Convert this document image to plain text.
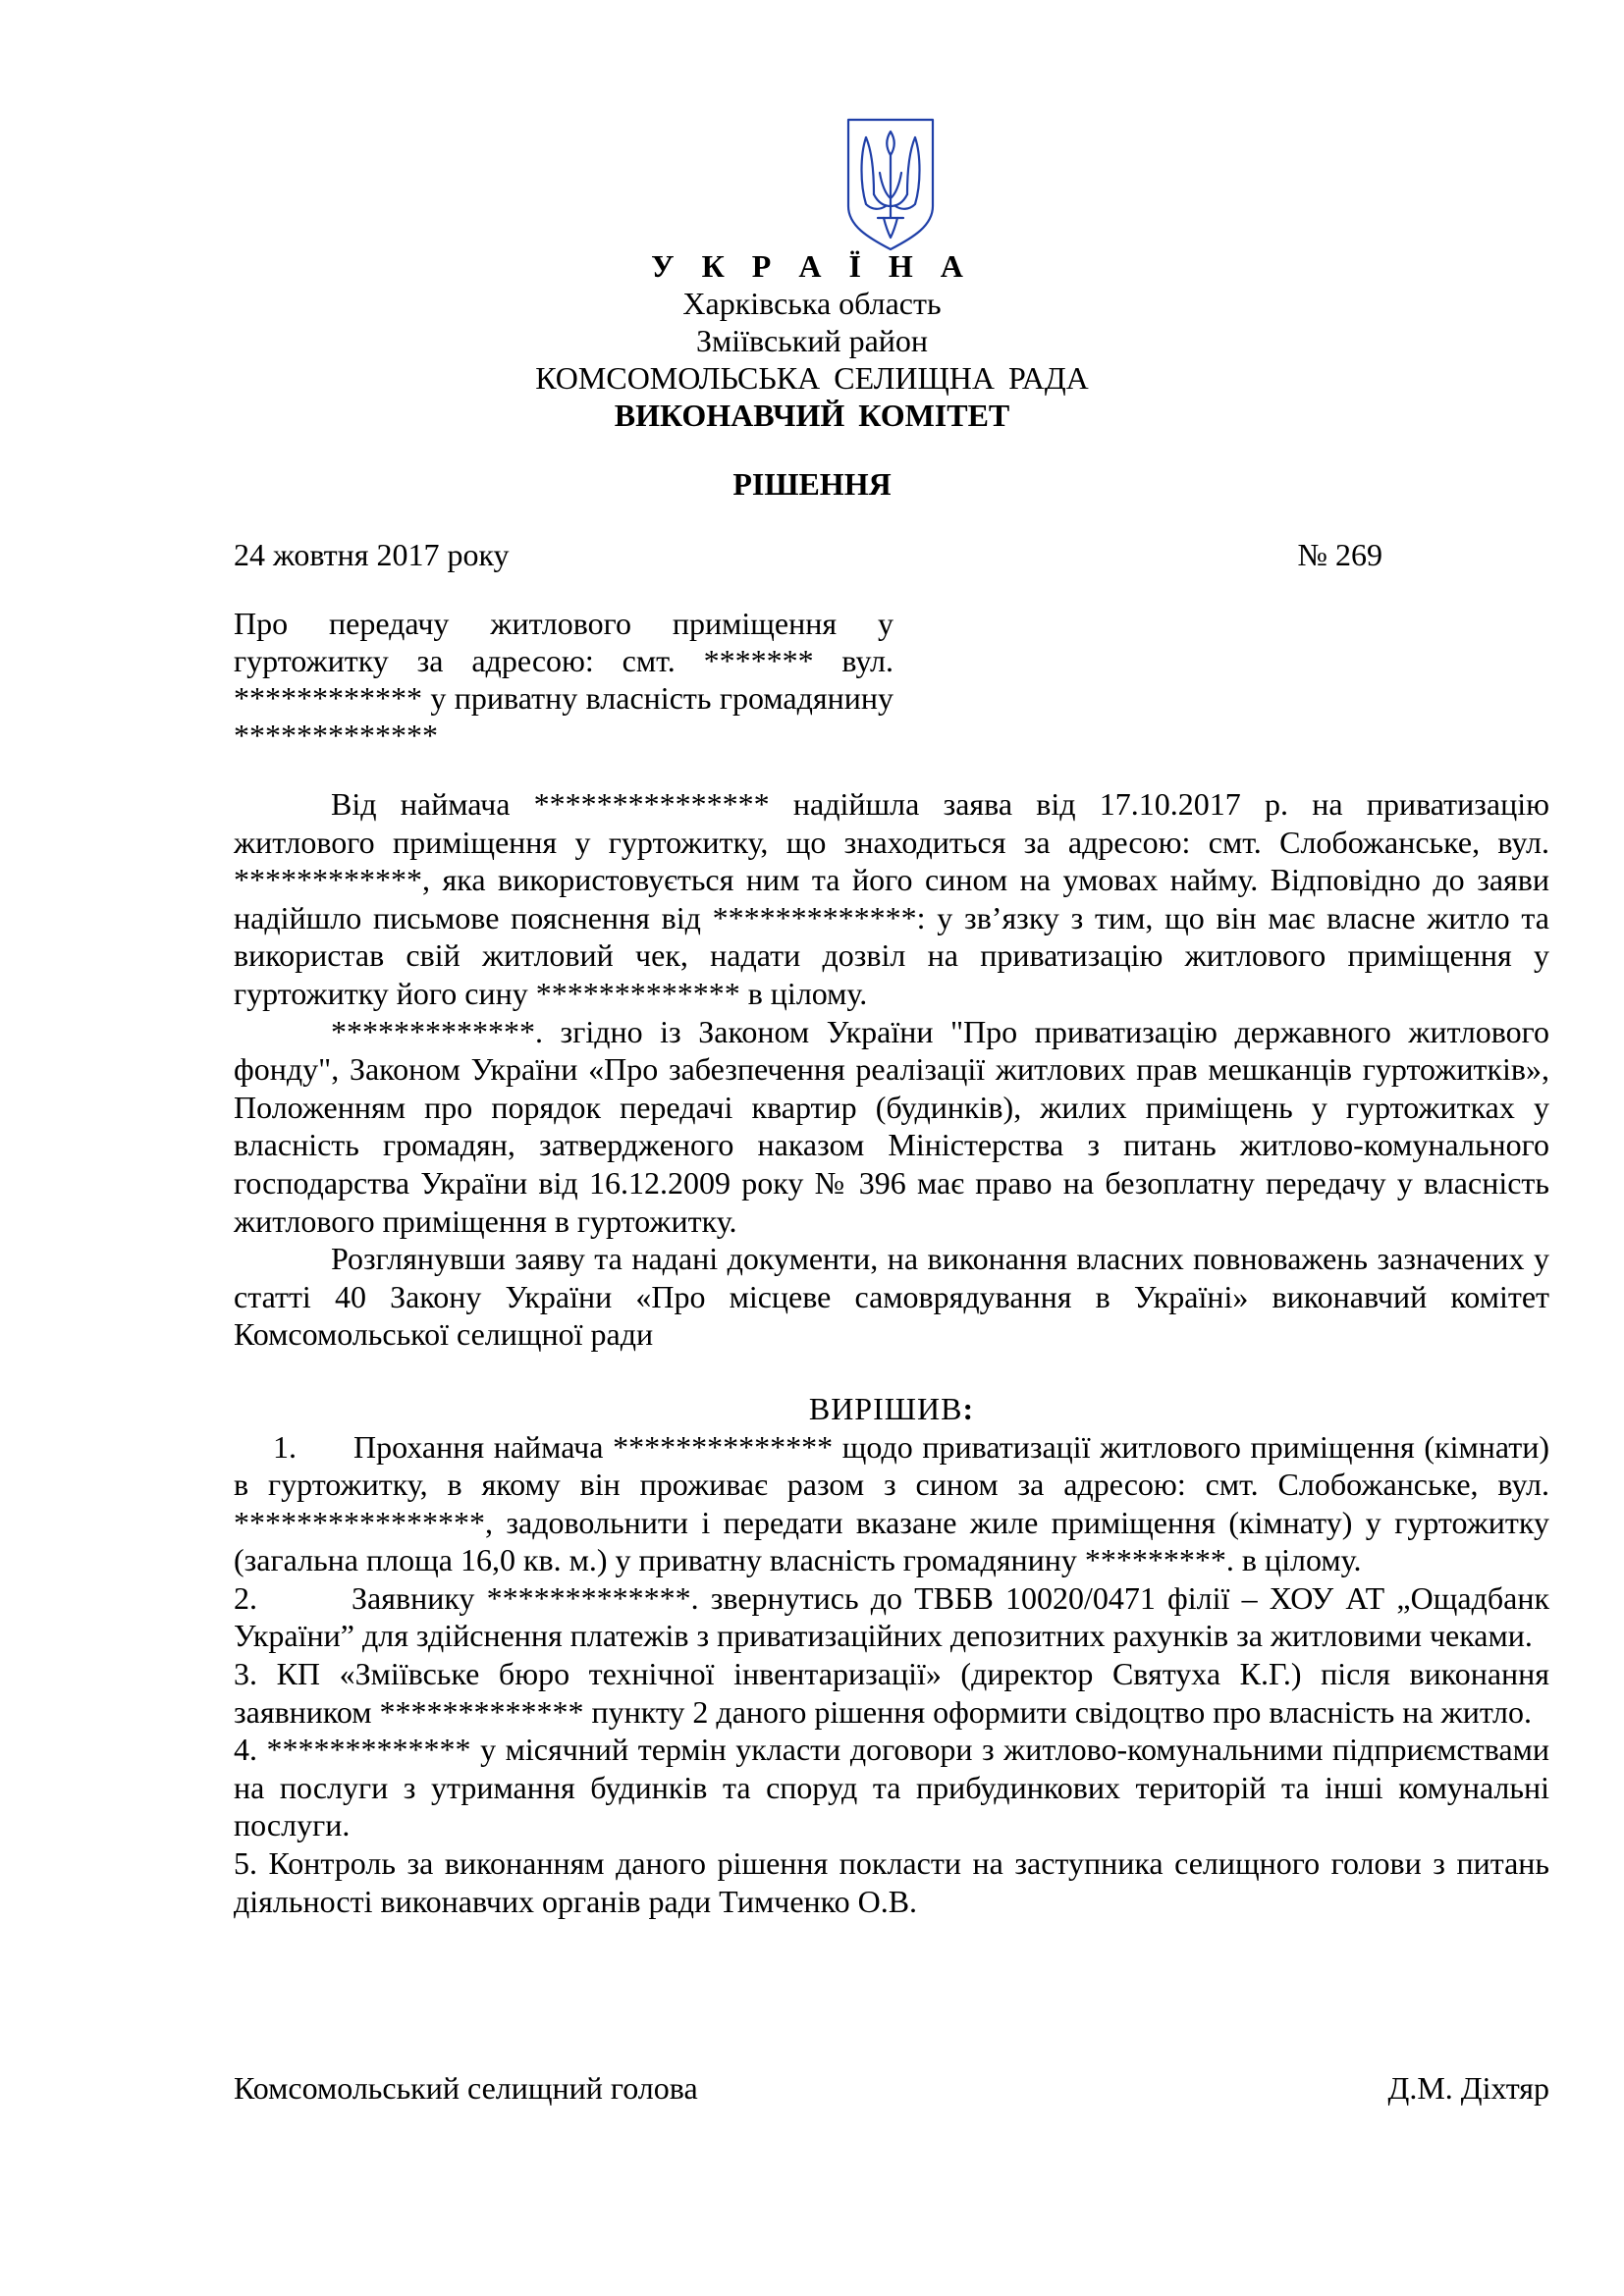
У К Р А Ї Н А
Харківська область
Зміївський район
КОМСОМОЛЬСЬКА СЕЛИЩНА РАДА
ВИКОНАВЧИЙ КОМІТЕТ
РІШЕННЯ
24 жовтня 2017 року	№ 269
Про передачу житлового приміщення у гуртожитку за адресою: смт. ******* вул. ************ у приватну власність громадянину *************

Від наймача *************** надійшла заява від 17.10.2017 р. на приватизацію житлового приміщення у гуртожитку, що знаходиться за адресою: смт. Слобожанське, вул. ************, яка використовується ним та його сином на умовах найму. Відповідно до заяви надійшло письмове пояснення від *************: у зв’язку з тим, що він має власне житло та використав свій житловий чек, надати дозвіл на приватизацію житлового приміщення у гуртожитку його сину ************* в цілому.

*************. згідно із Законом України "Про приватизацію державного житлового фонду", Законом України «Про забезпечення реалізації житлових прав мешканців гуртожитків», Положенням про порядок передачі квартир (будинків), жилих приміщень у гуртожитках у власність громадян, затвердженого наказом Міністерства з питань житлово-комунального господарства України від 16.12.2009 року № 396 має право на безоплатну передачу у власність житлового приміщення в гуртожитку.

Розглянувши заяву та надані документи, на виконання власних повноважень зазначених у статті 40 Закону України «Про місцеве самоврядування в Україні» виконавчий комітет Комсомольської селищної ради

ВИРІШИВ:

1. Прохання наймача ************** щодо приватизації житлового приміщення (кімнати) в гуртожитку, в якому він проживає разом з сином за адресою: смт. Слобожанське, вул. ****************, задовольнити і передати вказане жиле приміщення (кімнату) у гуртожитку (загальна площа 16,0 кв. м.) у приватну власність громадянину *********. в цілому.

2.	Заявнику *************. звернутись до ТВБВ 10020/0471 філії – ХОУ АТ „Ощадбанк України” для здійснення платежів з приватизаційних депозитних рахунків за житловими чеками.

3. КП «Зміївське бюро технічної інвентаризації» (директор Святуха К.Г.) після виконання заявником ************* пункту 2 даного рішення оформити свідоцтво про власність на житло.

4. ************* у місячний термін укласти договори з житлово-комунальними підприємствами на послуги з утримання будинків та споруд та прибудинкових територій та інші комунальні послуги.

5. Контроль за виконанням даного рішення покласти на заступника селищного голови з питань діяльності виконавчих органів ради Тимченко О.В.

Комсомольський селищний голова	Д.М. Діхтяр
